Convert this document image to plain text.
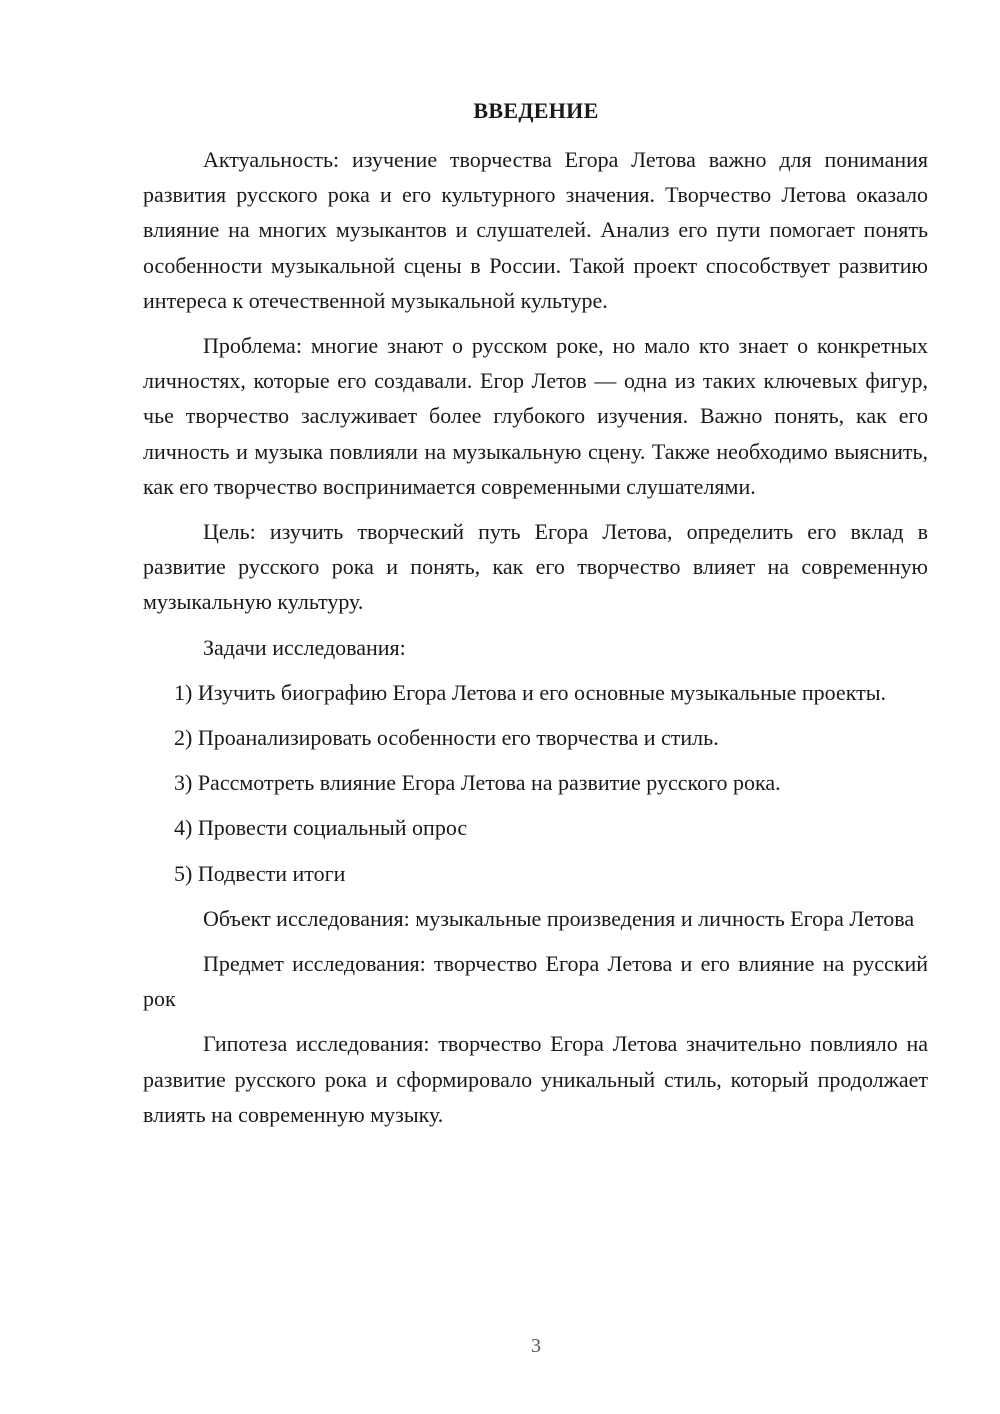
ВВЕДЕНИЕ

Актуальность: изучение творчества Егора Летова важно для понимания развития русского рока и его культурного значения. Творчество Летова оказало влияние на многих музыкантов и слушателей. Анализ его пути помогает понять особенности музыкальной сцены в России. Такой проект способствует развитию интереса к отечественной музыкальной культуре.

Проблема: многие знают о русском роке, но мало кто знает о конкретных личностях, которые его создавали. Егор Летов — одна из таких ключевых фигур, чье творчество заслуживает более глубокого изучения. Важно понять, как его личность и музыка повлияли на музыкальную сцену. Также необходимо выяснить, как его творчество воспринимается современными слушателями.

Цель: изучить творческий путь Егора Летова, определить его вклад в развитие русского рока и понять, как его творчество влияет на современную музыкальную культуру.

Задачи исследования:

1) Изучить биографию Егора Летова и его основные музыкальные проекты.

2) Проанализировать особенности его творчества и стиль.

3) Рассмотреть влияние Егора Летова на развитие русского рока.

4) Провести социальный опрос

5) Подвести итоги

Объект исследования: музыкальные произведения и личность Егора Летова

Предмет исследования: творчество Егора Летова и его влияние на русский рок

Гипотеза исследования: творчество Егора Летова значительно повлияло на развитие русского рока и сформировало уникальный стиль, который продолжает влиять на современную музыку.

3
